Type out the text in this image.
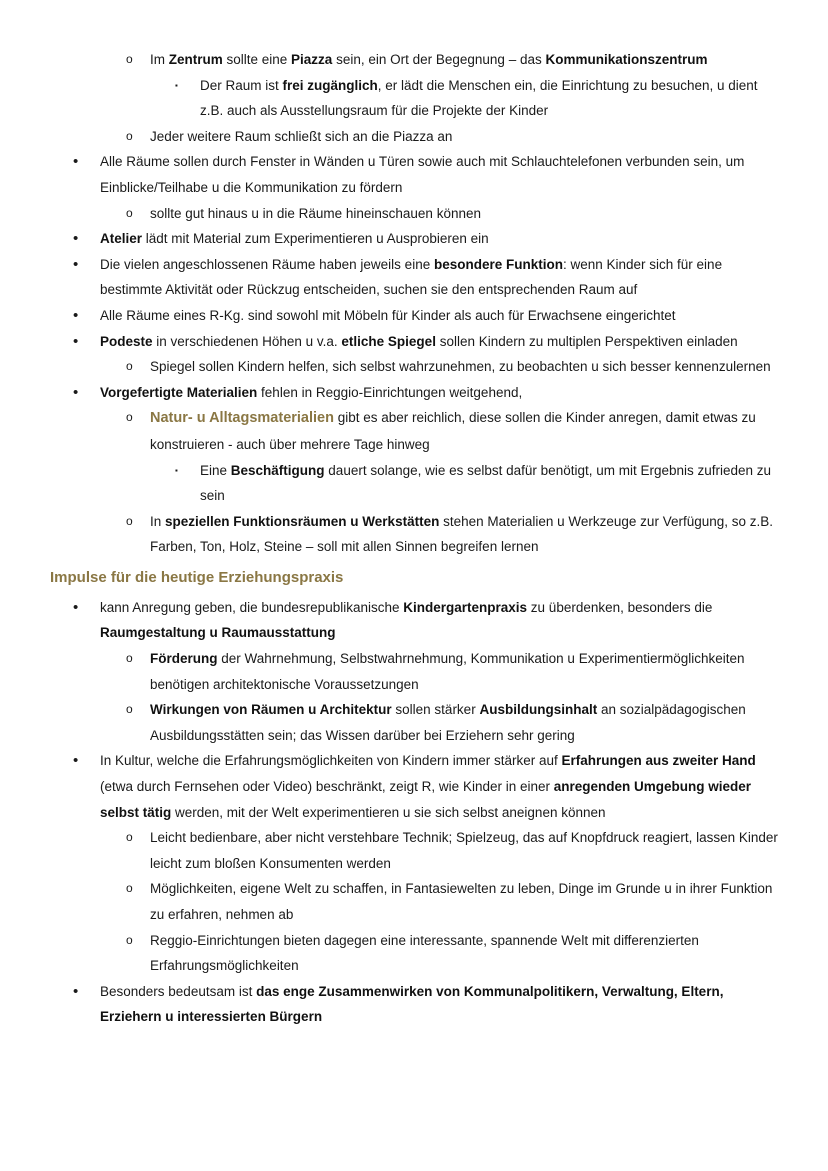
o Im Zentrum sollte eine Piazza sein, ein Ort der Begegnung – das Kommunikationszentrum
▪ Der Raum ist frei zugänglich, er lädt die Menschen ein, die Einrichtung zu besuchen, u dient z.B. auch als Ausstellungsraum für die Projekte der Kinder
o Jeder weitere Raum schließt sich an die Piazza an
• Alle Räume sollen durch Fenster in Wänden u Türen sowie auch mit Schlauchtelefonen verbunden sein, um Einblicke/Teilhabe u die Kommunikation zu fördern
o sollte gut hinaus u in die Räume hineinschauen können
• Atelier lädt mit Material zum Experimentieren u Ausprobieren ein
• Die vielen angeschlossenen Räume haben jeweils eine besondere Funktion: wenn Kinder sich für eine bestimmte Aktivität oder Rückzug entscheiden, suchen sie den entsprechenden Raum auf
• Alle Räume eines R-Kg. sind sowohl mit Möbeln für Kinder als auch für Erwachsene eingerichtet
• Podeste in verschiedenen Höhen u v.a. etliche Spiegel sollen Kindern zu multiplen Perspektiven einladen
o Spiegel sollen Kindern helfen, sich selbst wahrzunehmen, zu beobachten u sich besser kennenzulernen
• Vorgefertigte Materialien fehlen in Reggio-Einrichtungen weitgehend,
o Natur- u Alltagsmaterialien gibt es aber reichlich, diese sollen die Kinder anregen, damit etwas zu konstruieren - auch über mehrere Tage hinweg
▪ Eine Beschäftigung dauert solange, wie es selbst dafür benötigt, um mit Ergebnis zufrieden zu sein
o In speziellen Funktionsräumen u Werkstätten stehen Materialien u Werkzeuge zur Verfügung, so z.B. Farben, Ton, Holz, Steine – soll mit allen Sinnen begreifen lernen
Impulse für die heutige Erziehungspraxis
• kann Anregung geben, die bundesrepublikanische Kindergartenpraxis zu überdenken, besonders die Raumgestaltung u Raumausstattung
o Förderung der Wahrnehmung, Selbstwahrnehmung, Kommunikation u Experimentiermöglichkeiten benötigen architektonische Voraussetzungen
o Wirkungen von Räumen u Architektur sollen stärker Ausbildungsinhalt an sozialpädagogischen Ausbildungsstätten sein; das Wissen darüber bei Erziehern sehr gering
• In Kultur, welche die Erfahrungsmöglichkeiten von Kindern immer stärker auf Erfahrungen aus zweiter Hand (etwa durch Fernsehen oder Video) beschränkt, zeigt R, wie Kinder in einer anregenden Umgebung wieder selbst tätig werden, mit der Welt experimentieren u sie sich selbst aneignen können
o Leicht bedienbare, aber nicht verstehbare Technik; Spielzeug, das auf Knopfdruck reagiert, lassen Kinder leicht zum bloßen Konsumenten werden
o Möglichkeiten, eigene Welt zu schaffen, in Fantasiewelten zu leben, Dinge im Grunde u in ihrer Funktion zu erfahren, nehmen ab
o Reggio-Einrichtungen bieten dagegen eine interessante, spannende Welt mit differenzierten Erfahrungsmöglichkeiten
• Besonders bedeutsam ist das enge Zusammenwirken von Kommunalpolitikern, Verwaltung, Eltern, Erziehern u interessierten Bürgern
